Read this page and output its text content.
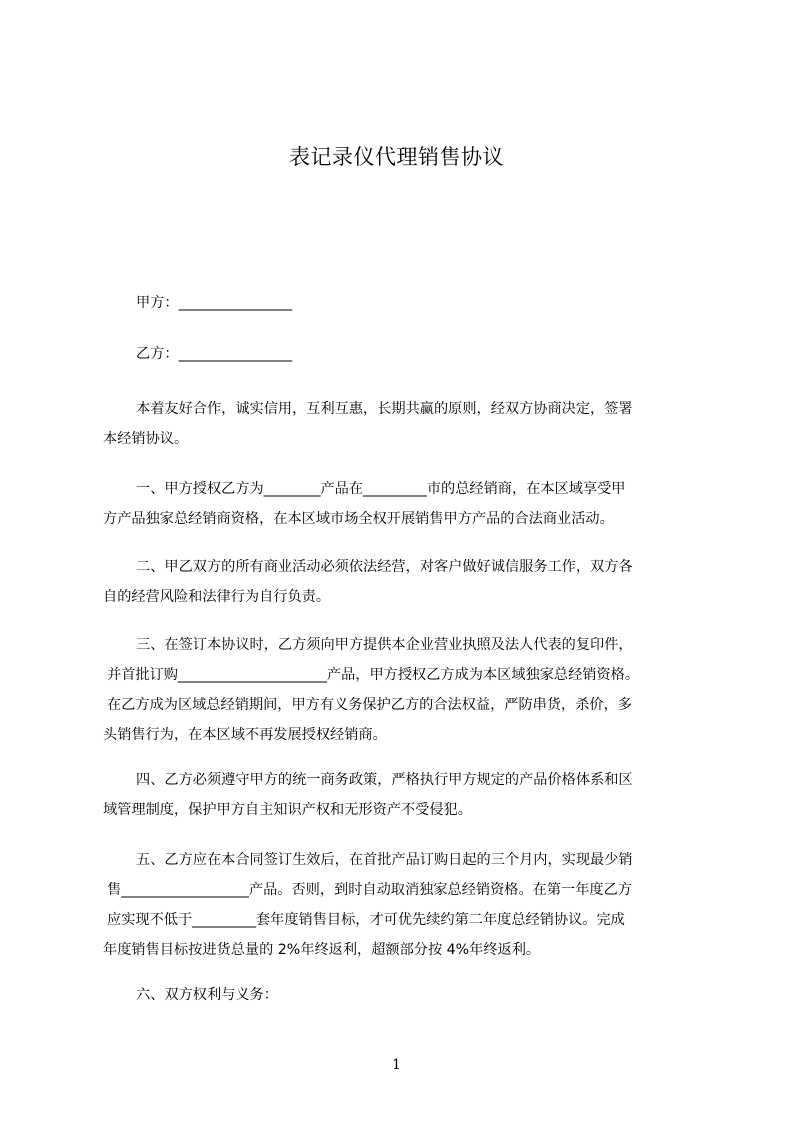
表记录仪代理销售协议
甲方：________________
乙方：________________
本着友好合作，诚实信用，互利互惠，长期共赢的原则，经双方协商决定，签署
本经销协议。
一、甲方授权乙方为________产品在_________市的总经销商，在本区域享受甲
方产品独家总经销商资格，在本区域市场全权开展销售甲方产品的合法商业活动。
二、甲乙双方的所有商业活动必须依法经营，对客户做好诚信服务工作，双方各
自的经营风险和法律行为自行负责。
三、在签订本协议时，乙方须向甲方提供本企业营业执照及法人代表的复印件，
并首批订购_____________________产品，甲方授权乙方成为本区域独家总经销资格。
在乙方成为区域总经销期间，甲方有义务保护乙方的合法权益，严防串货，杀价，多
头销售行为，在本区域不再发展授权经销商。
四、乙方必须遵守甲方的统一商务政策，严格执行甲方规定的产品价格体系和区
域管理制度，保护甲方自主知识产权和无形资产不受侵犯。
五、乙方应在本合同签订生效后，在首批产品订购日起的三个月内，实现最少销
售__________________产品。否则，到时自动取消独家总经销资格。在第一年度乙方
应实现不低于_________套年度销售目标，才可优先续约第二年度总经销协议。完成
年度销售目标按进货总量的 2%年终返利，超额部分按 4%年终返利。
六、双方权利与义务：
1
